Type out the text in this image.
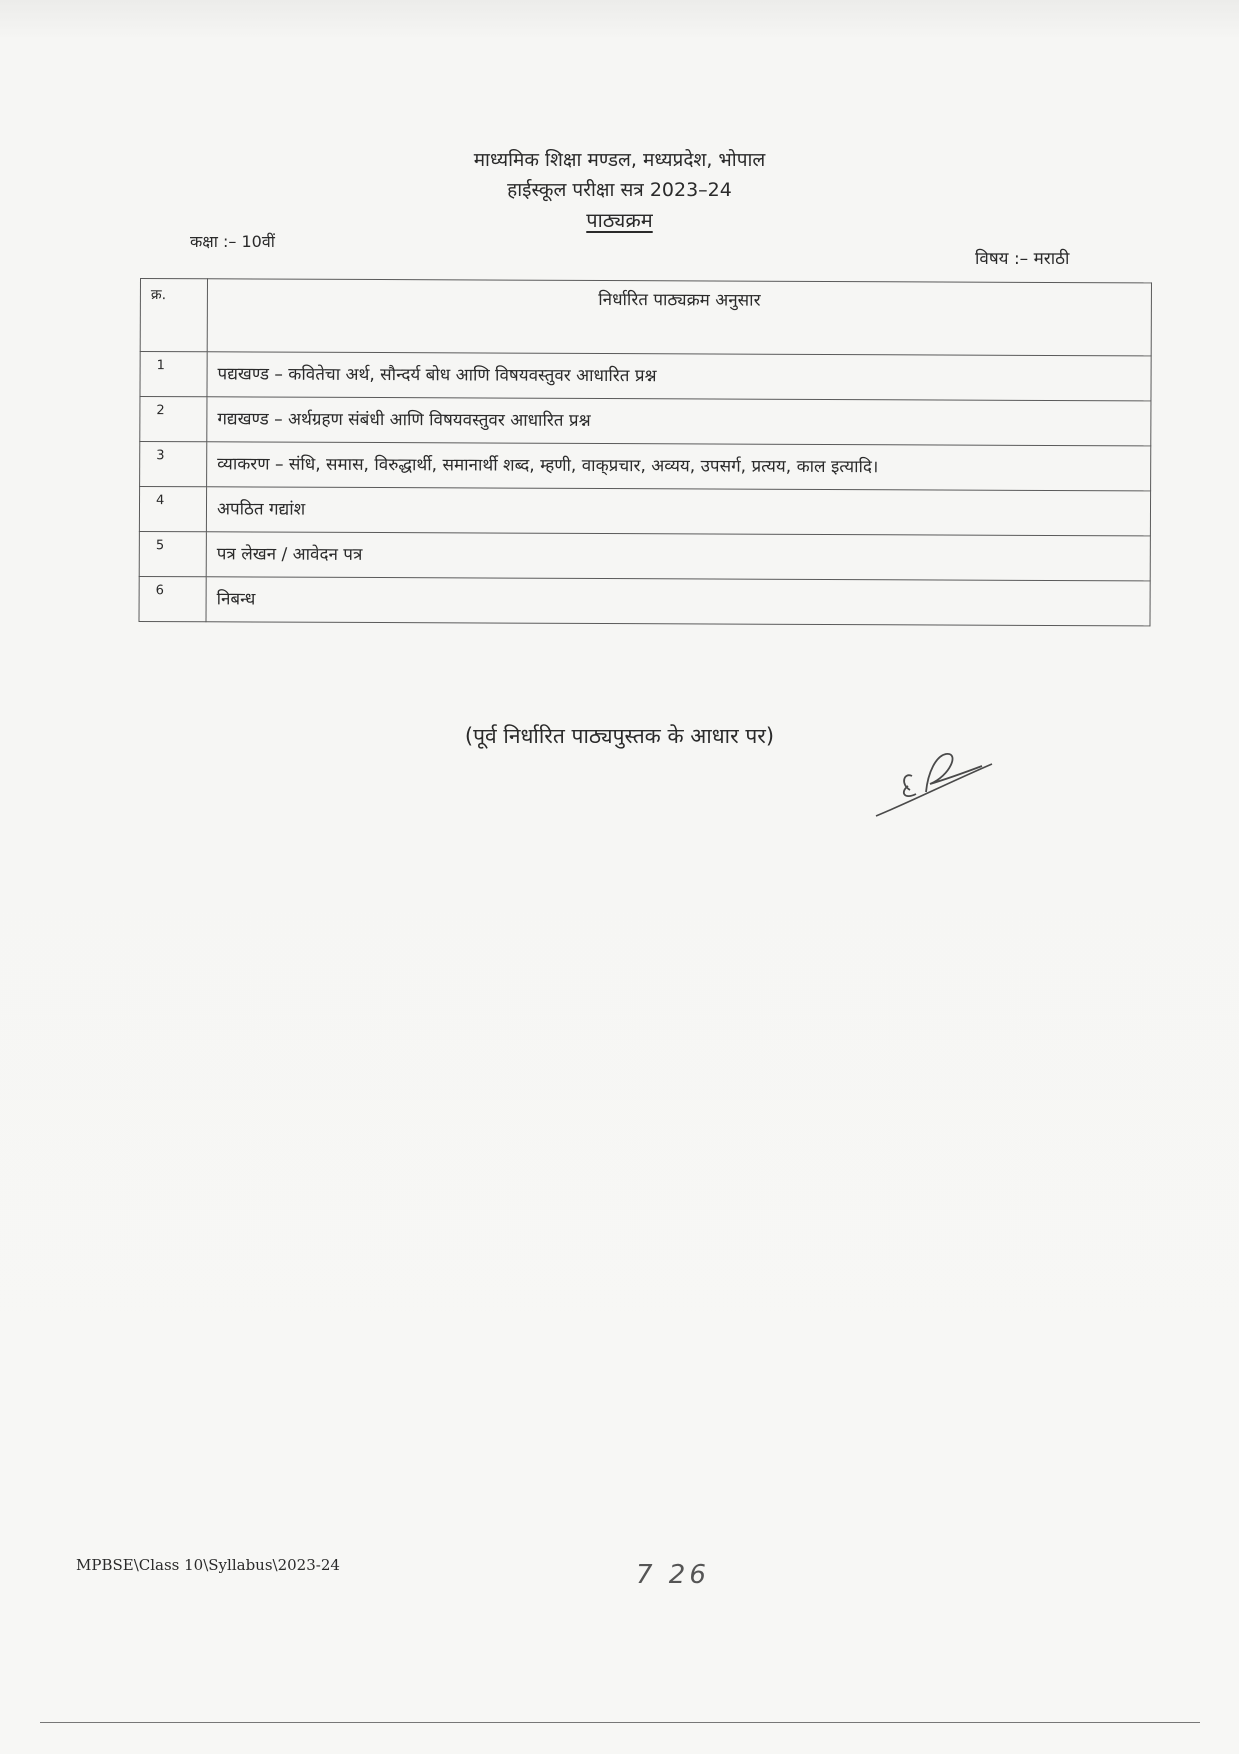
माध्यमिक शिक्षा मण्डल, मध्यप्रदेश, भोपाल
हाईस्कूल परीक्षा सत्र 2023–24
पाठ्यक्रम
कक्षा :– 10वीं
विषय :– मराठी
क्र.	निर्धारित पाठ्यक्रम अनुसार
1	पद्यखण्ड – कवितेचा अर्थ, सौन्दर्य बोध आणि विषयवस्तुवर आधारित प्रश्न
2	गद्यखण्ड – अर्थग्रहण संबंधी आणि विषयवस्तुवर आधारित प्रश्न
3	व्याकरण – संधि, समास, विरुद्धार्थी, समानार्थी शब्द, म्हणी, वाक्‌प्रचार, अव्यय, उपसर्ग, प्रत्यय, काल इत्यादि।
4	अपठित गद्यांश
5	पत्र लेखन / आवेदन पत्र
6	निबन्ध
(पूर्व निर्धारित पाठ्यपुस्तक के आधार पर)
MPBSE\Class 10\Syllabus\2023-24	7 26
